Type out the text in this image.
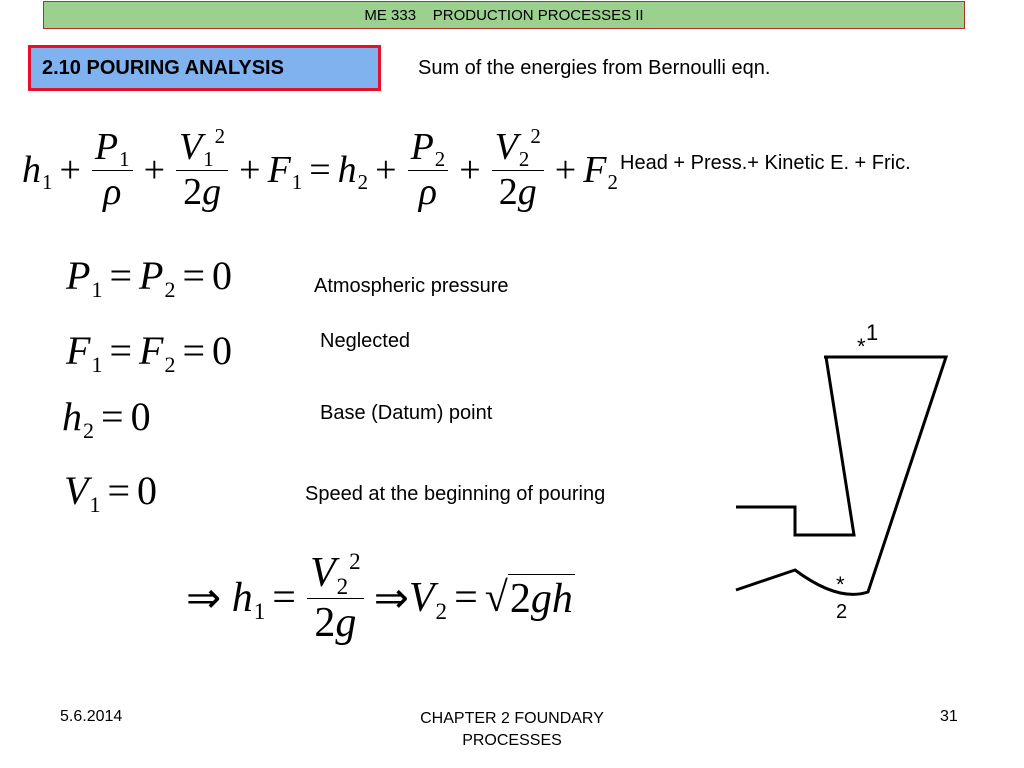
ME 333    PRODUCTION PROCESSES II
2.10 POURING ANALYSIS	Sum of the energies from Bernoulli eqn.
$h1 + \frac{P1}{\rho} + \frac{V1^2}{2g} + F1 = h2 + \frac{P2}{\rho} + \frac{V2^2}{2g} + F2$
Head + Press.+ Kinetic E. + Fric.
P1 = P2 = 0	Atmospheric pressure
F1 = F2 = 0	Neglected
h2 = 0	Base (Datum) point
V1 = 0	Speed at the beginning of pouring
⇒
$h1 = \frac{V2^2}{2g}$ ⇒ V2 = √ 2gh
*
1
*
2
5.6.2014	CHAPTER 2 FOUNDARY PROCESSES
31
